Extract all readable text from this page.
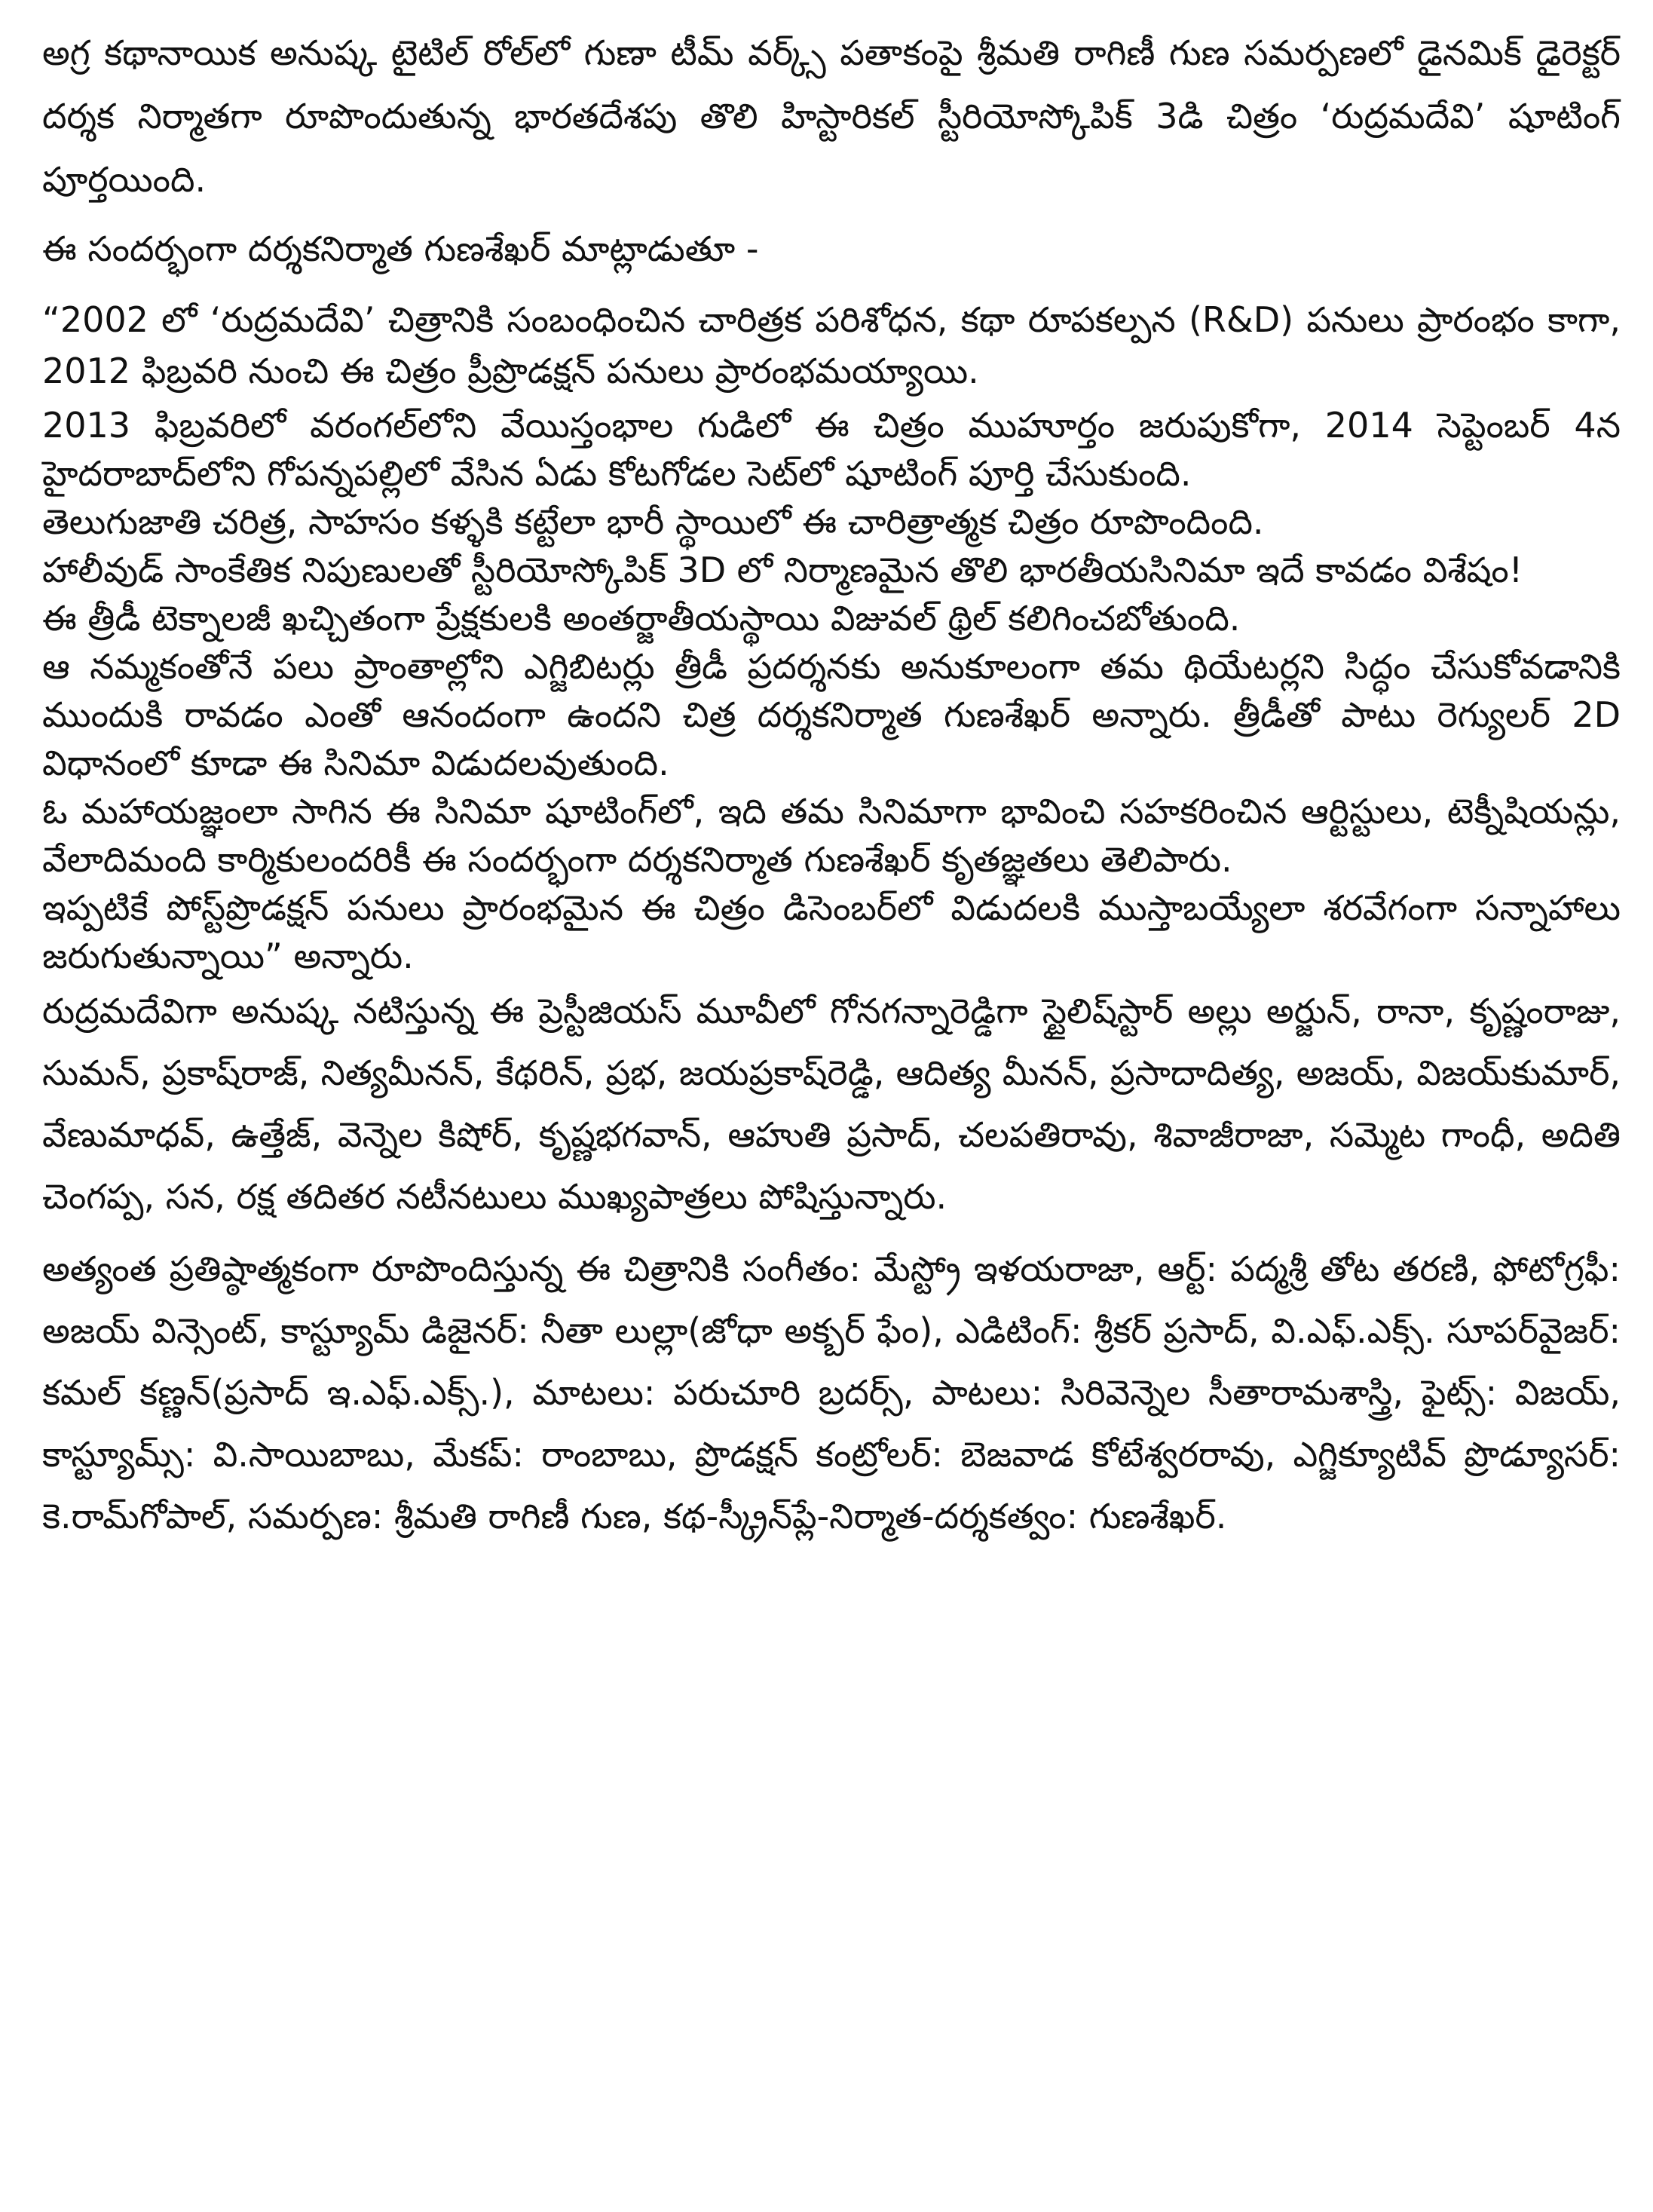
అగ్ర కథానాయిక అనుష్క టైటిల్ రోల్‌లో గుణా టీమ్ వర్క్స్ పతాకంపై శ్రీమతి రాగిణీ గుణ సమర్పణలో డైనమిక్ డైరెక్టర్ దర్శక నిర్మాతగా రూపొందుతున్న భారతదేశపు తొలి హిస్టారికల్ స్టీరియోస్కోపిక్ 3డి చిత్రం ‘రుద్రమదేవి’ షూటింగ్ పూర్తయింది.

ఈ సందర్భంగా దర్శకనిర్మాత గుణశేఖర్ మాట్లాడుతూ -

“2002 లో ‘రుద్రమదేవి’ చిత్రానికి సంబంధించిన చారిత్రక పరిశోధన, కథా రూపకల్పన (R&D) పనులు ప్రారంభం కాగా, 2012 ఫిబ్రవరి నుంచి ఈ చిత్రం ప్రీప్రొడక్షన్ పనులు ప్రారంభమయ్యాయి.

2013 ఫిబ్రవరిలో వరంగల్‌లోని వేయిస్తంభాల గుడిలో ఈ చిత్రం ముహూర్తం జరుపుకోగా, 2014 సెప్టెంబర్ 4న హైదరాబాద్‌లోని గోపన్నపల్లిలో వేసిన ఏడు కోటగోడల సెట్‌లో షూటింగ్ పూర్తి చేసుకుంది.

తెలుగుజాతి చరిత్ర, సాహసం కళ్ళకి కట్టేలా భారీ స్థాయిలో ఈ చారిత్రాత్మక చిత్రం రూపొందింది.

హాలీవుడ్ సాంకేతిక నిపుణులతో స్టీరియోస్కోపిక్ 3D లో నిర్మాణమైన తొలి భారతీయసినిమా ఇదే కావడం విశేషం!

ఈ త్రీడీ టెక్నాలజీ ఖచ్చితంగా ప్రేక్షకులకి అంతర్జాతీయస్థాయి విజువల్ థ్రిల్ కలిగించబోతుంది.

ఆ నమ్మకంతోనే పలు ప్రాంతాల్లోని ఎగ్జిబిటర్లు త్రీడీ ప్రదర్శనకు అనుకూలంగా తమ థియేటర్లని సిద్ధం చేసుకోవడానికి ముందుకి రావడం ఎంతో ఆనందంగా ఉందని చిత్ర దర్శకనిర్మాత గుణశేఖర్ అన్నారు. త్రీడీతో పాటు రెగ్యులర్ 2D విధానంలో కూడా ఈ సినిమా విడుదలవుతుంది.

ఓ మహాయజ్ఞంలా సాగిన ఈ సినిమా షూటింగ్‌లో, ఇది తమ సినిమాగా భావించి సహకరించిన ఆర్టిస్టులు, టెక్నీషియన్లు, వేలాదిమంది కార్మికులందరికీ ఈ సందర్భంగా దర్శకనిర్మాత గుణశేఖర్ కృతజ్ఞతలు తెలిపారు.

ఇప్పటికే పోస్ట్‌ప్రొడక్షన్ పనులు ప్రారంభమైన ఈ చిత్రం డిసెంబర్‌లో విడుదలకి ముస్తాబయ్యేలా శరవేగంగా సన్నాహాలు జరుగుతున్నాయి” అన్నారు.

రుద్రమదేవిగా అనుష్క నటిస్తున్న ఈ ప్రెస్టీజియస్ మూవీలో గోనగన్నారెడ్డిగా స్టైలిష్‌స్టార్ అల్లు అర్జున్, రానా, కృష్ణంరాజు, సుమన్, ప్రకాష్‌రాజ్, నిత్యమీనన్, కేథరిన్, ప్రభ, జయప్రకాష్‌రెడ్డి, ఆదిత్య మీనన్, ప్రసాదాదిత్య, అజయ్, విజయ్‌కుమార్, వేణుమాధవ్, ఉత్తేజ్, వెన్నెల కిషోర్, కృష్ణభగవాన్, ఆహుతి ప్రసాద్, చలపతిరావు, శివాజీరాజా, సమ్మెట గాంధీ, అదితి చెంగప్ప, సన, రక్ష తదితర నటీనటులు ముఖ్యపాత్రలు పోషిస్తున్నారు.

అత్యంత ప్రతిష్ఠాత్మకంగా రూపొందిస్తున్న ఈ చిత్రానికి సంగీతం: మేస్ట్రో ఇళయరాజా, ఆర్ట్: పద్మశ్రీ తోట తరణి, ఫోటోగ్రఫీ: అజయ్ విన్సెంట్, కాస్ట్యూమ్ డిజైనర్: నీతా లుల్లా(జోధా అక్బర్ ఫేం), ఎడిటింగ్: శ్రీకర్ ప్రసాద్, వి.ఎఫ్.ఎక్స్. సూపర్‌వైజర్: కమల్ కణ్ణన్(ప్రసాద్ ఇ.ఎఫ్.ఎక్స్.), మాటలు: పరుచూరి బ్రదర్స్, పాటలు: సిరివెన్నెల సీతారామశాస్త్రి, ఫైట్స్: విజయ్, కాస్ట్యూమ్స్: వి.సాయిబాబు, మేకప్: రాంబాబు, ప్రొడక్షన్ కంట్రోలర్: బెజవాడ కోటేశ్వరరావు, ఎగ్జిక్యూటివ్ ప్రొడ్యూసర్: కె.రామ్‌గోపాల్, సమర్పణ: శ్రీమతి రాగిణీ గుణ, కథ-స్క్రీన్‌ప్లే-నిర్మాత-దర్శకత్వం: గుణశేఖర్.
